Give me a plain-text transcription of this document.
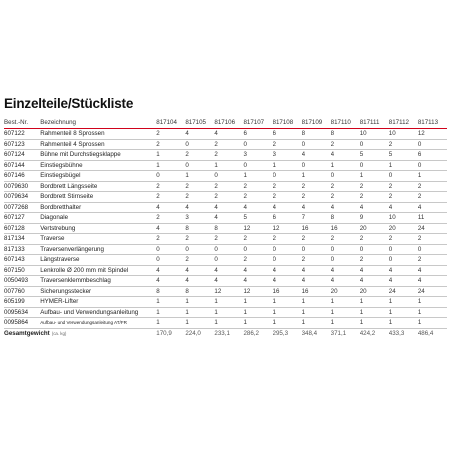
Einzelteile/Stückliste
Best.-Nr.	Bezeichnung	817104	817105	817106	817107	817108	817109	817110	817111	817112	817113
607122	Rahmenteil 8 Sprossen	2	4	4	6	6	8	8	10	10	12
607123	Rahmenteil 4 Sprossen	2	0	2	0	2	0	2	0	2	0
607124	Bühne mit Durchstiegsklappe	1	2	2	3	3	4	4	5	5	6
607144	Einstiegsbühne	1	0	1	0	1	0	1	0	1	0
607146	Einstiegsbügel	0	1	0	1	0	1	0	1	0	1
0079630	Bordbrett Längsseite	2	2	2	2	2	2	2	2	2	2
0079634	Bordbrett Stirnseite	2	2	2	2	2	2	2	2	2	2
0077268	Bordbretthalter	4	4	4	4	4	4	4	4	4	4
607127	Diagonale	2	3	4	5	6	7	8	9	10	11
607128	Vertstrebung	4	8	8	12	12	16	16	20	20	24
817134	Traverse	2	2	2	2	2	2	2	2	2	2
817133	Traversenverlängerung	0	0	0	0	0	0	0	0	0	0
607143	Längstraverse	0	2	0	2	0	2	0	2	0	2
607150	Lenkrolle Ø 200 mm mit Spindel	4	4	4	4	4	4	4	4	4	4
0050493	Traversenklemmbeschlag	4	4	4	4	4	4	4	4	4	4
007760	Sicherungsstecker	8	8	12	12	16	16	20	20	24	24
605199	HYMER-Lifter	1	1	1	1	1	1	1	1	1	1
0095634	Aufbau- und Verwendungsanleitung	1	1	1	1	1	1	1	1	1	1
0095864	Aufbau- und Verwendungsanleitung AT/FR	1	1	1	1	1	1	1	1	1	1
Gesamtgewicht (ca. kg)		170,9	224,0	233,1	286,2	295,3	348,4	371,1	424,2	433,3	486,4
